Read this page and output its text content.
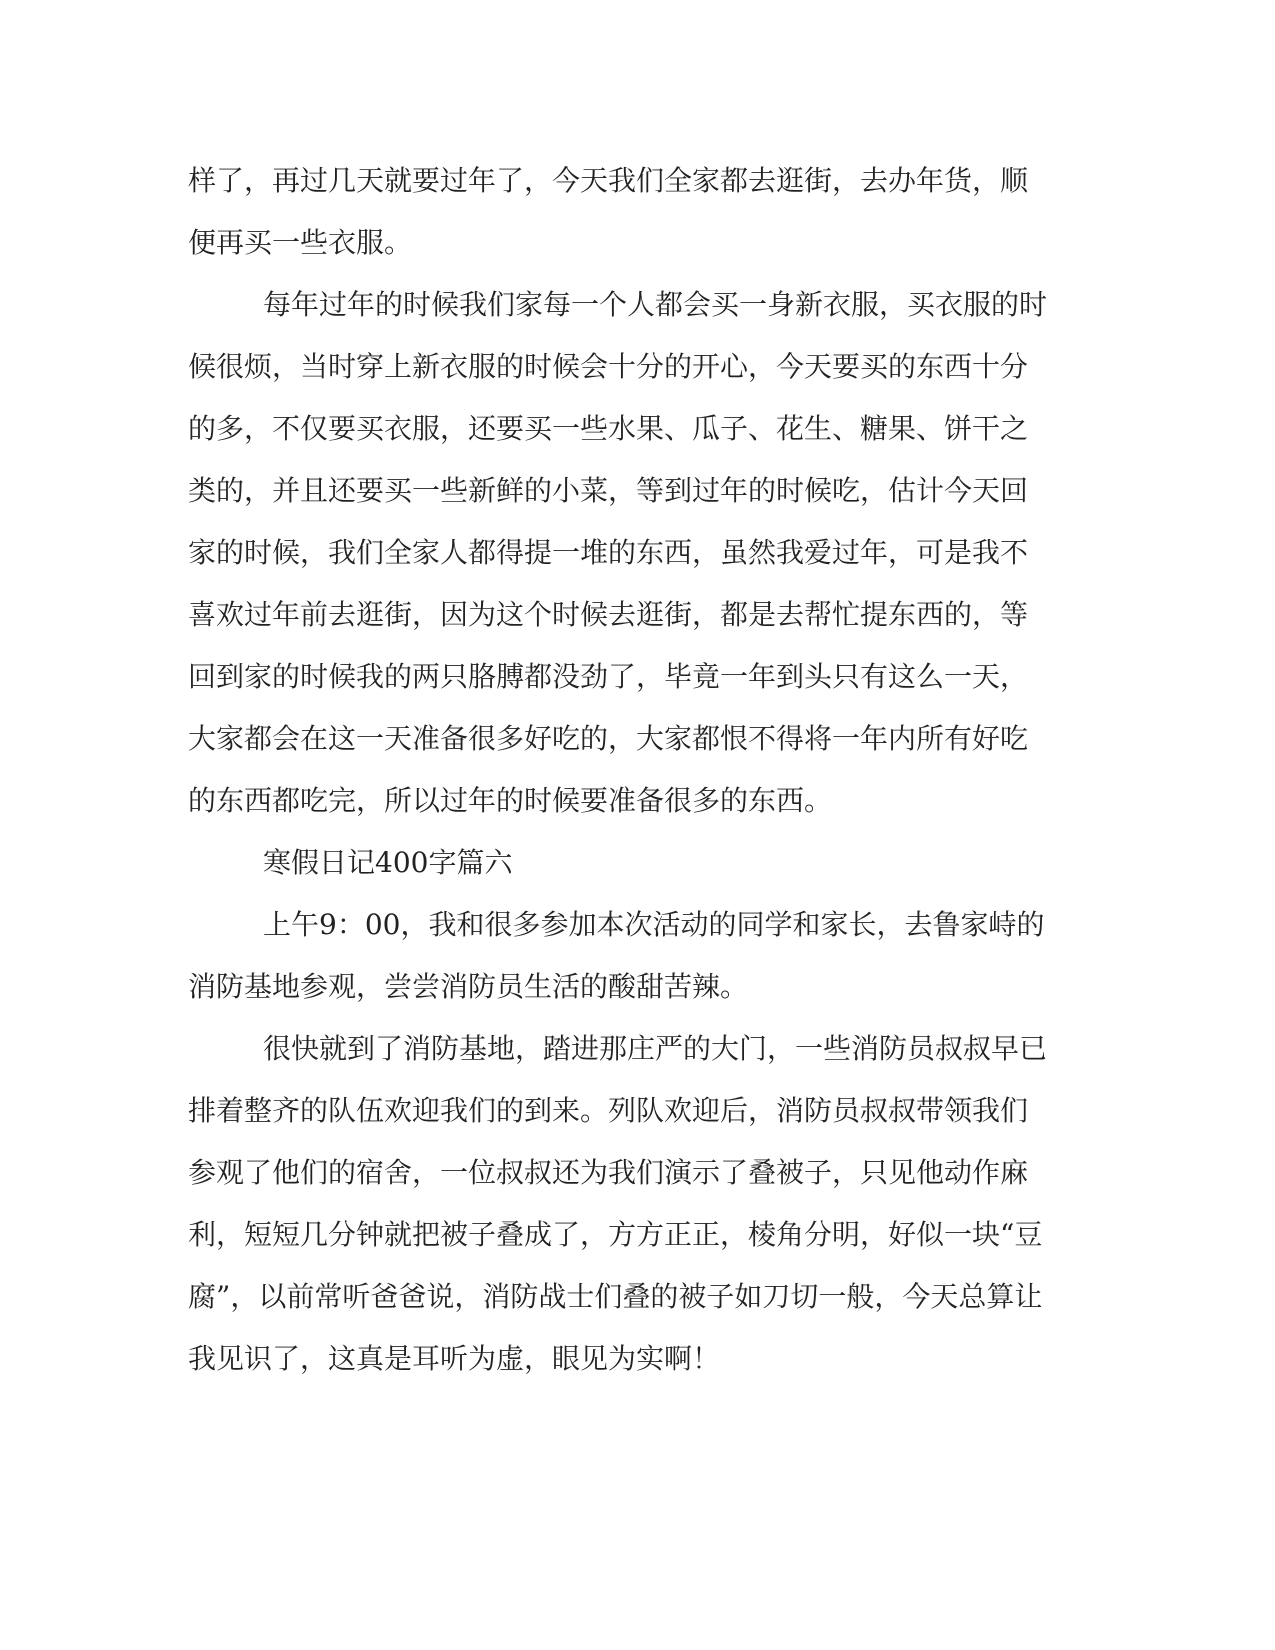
样了，再过几天就要过年了，今天我们全家都去逛街，去办年货，顺

便再买一些衣服。

每年过年的时候我们家每一个人都会买一身新衣服，买衣服的时

候很烦，当时穿上新衣服的时候会十分的开心，今天要买的东西十分

的多，不仅要买衣服，还要买一些水果、瓜子、花生、糖果、饼干之

类的，并且还要买一些新鲜的小菜，等到过年的时候吃，估计今天回

家的时候，我们全家人都得提一堆的东西，虽然我爱过年，可是我不

喜欢过年前去逛街，因为这个时候去逛街，都是去帮忙提东西的，等

回到家的时候我的两只胳膊都没劲了，毕竟一年到头只有这么一天，

大家都会在这一天准备很多好吃的，大家都恨不得将一年内所有好吃

的东西都吃完，所以过年的时候要准备很多的东西。

寒假日记400字篇六

上午9：00，我和很多参加本次活动的同学和家长，去鲁家峙的

消防基地参观，尝尝消防员生活的酸甜苦辣。

很快就到了消防基地，踏进那庄严的大门，一些消防员叔叔早已

排着整齐的队伍欢迎我们的到来。列队欢迎后，消防员叔叔带领我们

参观了他们的宿舍，一位叔叔还为我们演示了叠被子，只见他动作麻

利，短短几分钟就把被子叠成了，方方正正，棱角分明，好似一块“豆

腐”，以前常听爸爸说，消防战士们叠的被子如刀切一般，今天总算让

我见识了，这真是耳听为虚，眼见为实啊！
